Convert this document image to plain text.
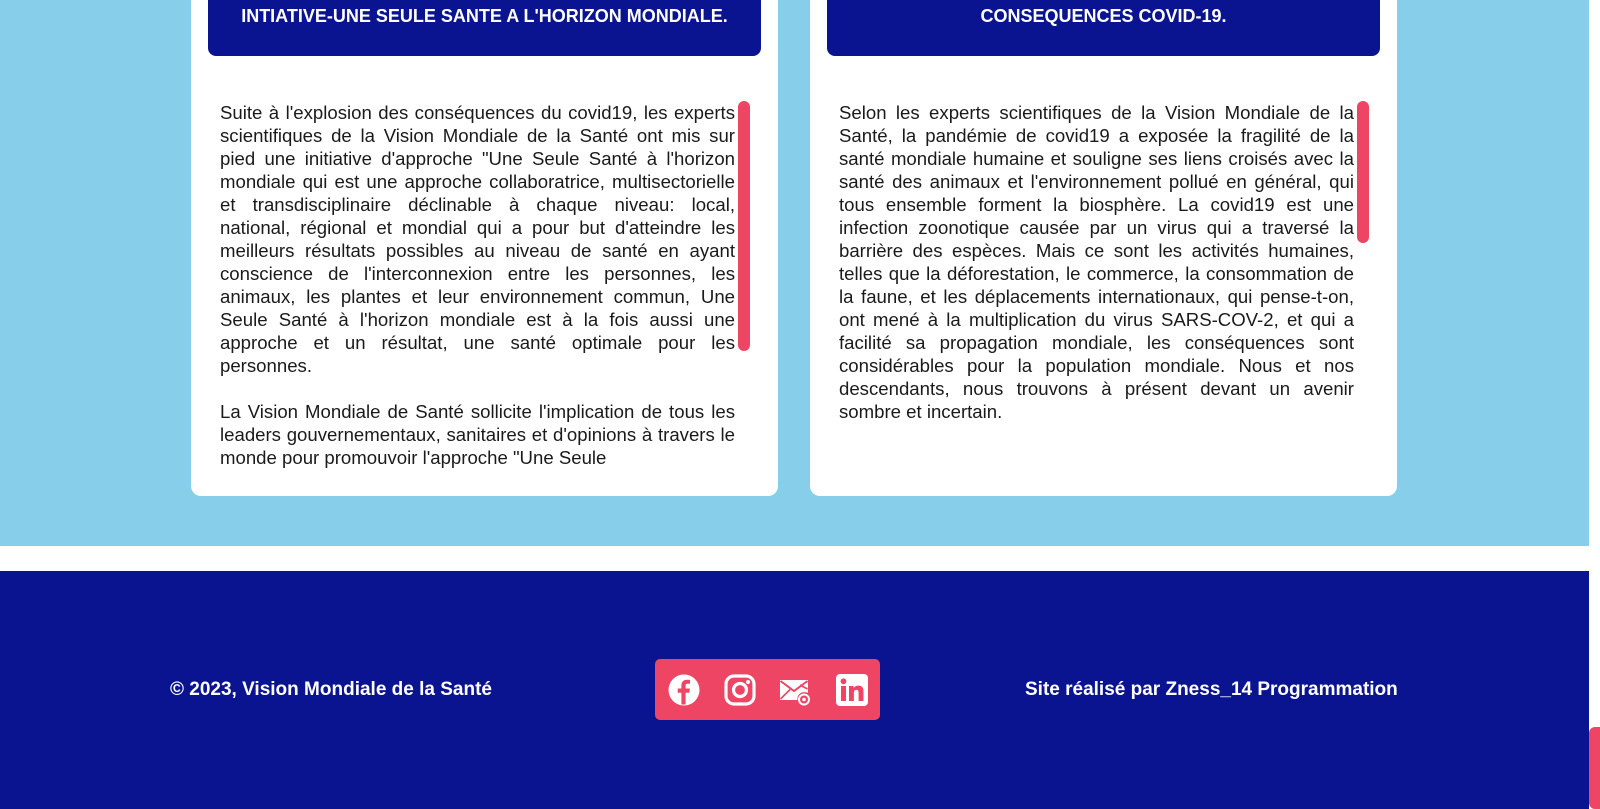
INTIATIVE-UNE SEULE SANTE A L'HORIZON MONDIALE.

Suite à l'explosion des conséquences du covid19, les experts scientifiques de la Vision Mondiale de la Santé ont mis sur pied une initiative d'approche "Une Seule Santé à l'horizon mondiale qui est une approche collaboratrice, multisectorielle et transdisciplinaire déclinable à chaque niveau: local, national, régional et mondial qui a pour but d'atteindre les meilleurs résultats possibles au niveau de santé en ayant conscience de l'interconnexion entre les personnes, les animaux, les plantes et leur environnement commun, Une Seule Santé à l'horizon mondiale est à la fois aussi une approche et un résultat, une santé optimale pour les personnes.

La Vision Mondiale de Santé sollicite l'implication de tous les leaders gouvernementaux, sanitaires et d'opinions à travers le monde pour promouvoir l'approche "Une Seule

CONSEQUENCES COVID-19.

Selon les experts scientifiques de la Vision Mondiale de la Santé, la pandémie de covid19 a exposée la fragilité de la santé mondiale humaine et souligne ses liens croisés avec la santé des animaux et l'environnement pollué en général, qui tous ensemble forment la biosphère. La covid19 est une infection zoonotique causée par un virus qui a traversé la barrière des espèces. Mais ce sont les activités humaines, telles que la déforestation, le commerce, la consommation de la faune, et les déplacements internationaux, qui pense-t-on, ont mené à la multiplication du virus SARS-COV-2, et qui a facilité sa propagation mondiale, les conséquences sont considérables pour la population mondiale. Nous et nos descendants, nous trouvons à présent devant un avenir sombre et incertain.

© 2023, Vision Mondiale de la Santé	Site réalisé par Zness_14 Programmation
